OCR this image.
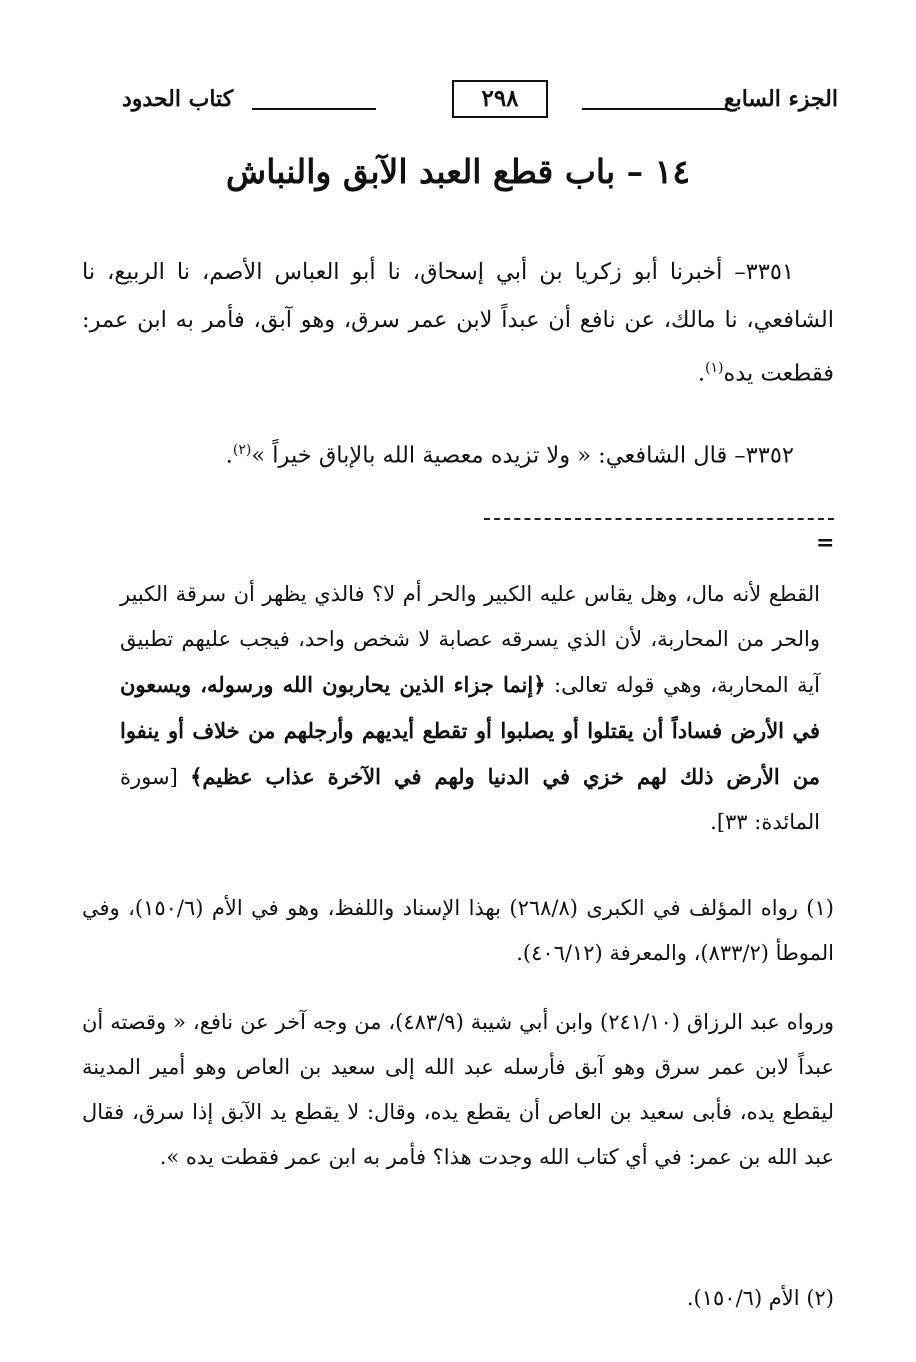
الجزء السابع
٢٩٨
كتاب الحدود
١٤ – باب قطع العبد الآبق والنباش

٣٣٥١– أخبرنا أبو زكريا بن أبي إسحاق، نا أبو العباس الأصم، نا الربيع، نا الشافعي، نا مالك، عن نافع أن عبداً لابن عمر سرق، وهو آبق، فأمر به ابن عمر: فقطعت يده$^{(١)}$.

٣٣٥٢– قال الشافعي: « ولا تزيده معصية الله بالإباق خيراً »$^{(٢)}$.

=

القطع لأنه مال، وهل يقاس عليه الكبير والحر أم لا؟ فالذي يظهر أن سرقة الكبير والحر من المحاربة، لأن الذي يسرقه عصابة لا شخص واحد، فيجب عليهم تطبيق آية المحاربة، وهي قوله تعالى: ﴿إنما جزاء الذين يحاربون الله ورسوله، ويسعون في الأرض فساداً أن يقتلوا أو يصلبوا أو تقطع أيديهم وأرجلهم من خلاف أو ينفوا من الأرض ذلك لهم خزي في الدنيا ولهم في الآخرة عذاب عظيم﴾ [سورة المائدة: ٣٣].

(١) رواه المؤلف في الكبرى (٢٦٨/٨) بهذا الإسناد واللفظ، وهو في الأم (١٥٠/٦)، وفي الموطأ (٨٣٣/٢)، والمعرفة (٤٠٦/١٢).

ورواه عبد الرزاق (٢٤١/١٠) وابن أبي شيبة (٤٨٣/٩)، من وجه آخر عن نافع، « وقصته أن عبداً لابن عمر سرق وهو آبق فأرسله عبد الله إلى سعيد بن العاص وهو أمير المدينة ليقطع يده، فأبى سعيد بن العاص أن يقطع يده، وقال: لا يقطع يد الآبق إذا سرق، فقال عبد الله بن عمر: في أي كتاب الله وجدت هذا؟ فأمر به ابن عمر فقطت يده ».

(٢) الأم (١٥٠/٦).
